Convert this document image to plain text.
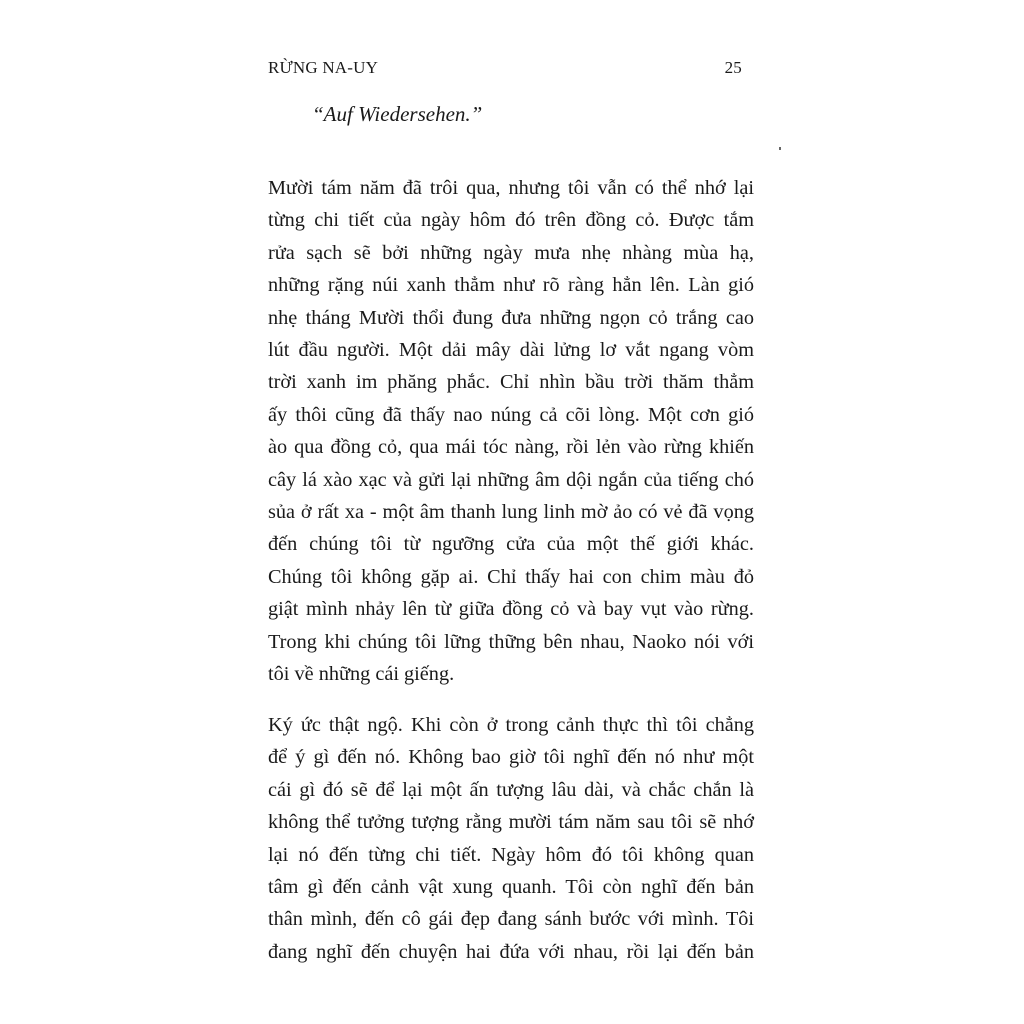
RỪNG NA-UY	25
“Auf Wiedersehen.”
Mười tám năm đã trôi qua, nhưng tôi vẫn có thể nhớ lại
từng chi tiết của ngày hôm đó trên đồng cỏ. Được tắm
rửa sạch sẽ bởi những ngày mưa nhẹ nhàng mùa hạ,
những rặng núi xanh thẳm như rõ ràng hẳn lên. Làn gió
nhẹ tháng Mười thổi đung đưa những ngọn cỏ trắng cao
lút đầu người. Một dải mây dài lửng lơ vắt ngang vòm
trời xanh im phăng phắc. Chỉ nhìn bầu trời thăm thẳm
ấy thôi cũng đã thấy nao núng cả cõi lòng. Một cơn gió
ào qua đồng cỏ, qua mái tóc nàng, rồi lẻn vào rừng khiến
cây lá xào xạc và gửi lại những âm dội ngắn của tiếng chó
sủa ở rất xa - một âm thanh lung linh mờ ảo có vẻ đã vọng
đến chúng tôi từ ngưỡng cửa của một thế giới khác.
Chúng tôi không gặp ai. Chỉ thấy hai con chim màu đỏ
giật mình nhảy lên từ giữa đồng cỏ và bay vụt vào rừng.
Trong khi chúng tôi lững thững bên nhau, Naoko nói với
tôi về những cái giếng.
Ký ức thật ngộ. Khi còn ở trong cảnh thực thì tôi chẳng
để ý gì đến nó. Không bao giờ tôi nghĩ đến nó như một
cái gì đó sẽ để lại một ấn tượng lâu dài, và chắc chắn là
không thể tưởng tượng rằng mười tám năm sau tôi sẽ nhớ
lại nó đến từng chi tiết. Ngày hôm đó tôi không quan
tâm gì đến cảnh vật xung quanh. Tôi còn nghĩ đến bản
thân mình, đến cô gái đẹp đang sánh bước với mình. Tôi
đang nghĩ đến chuyện hai đứa với nhau, rồi lại đến bản
